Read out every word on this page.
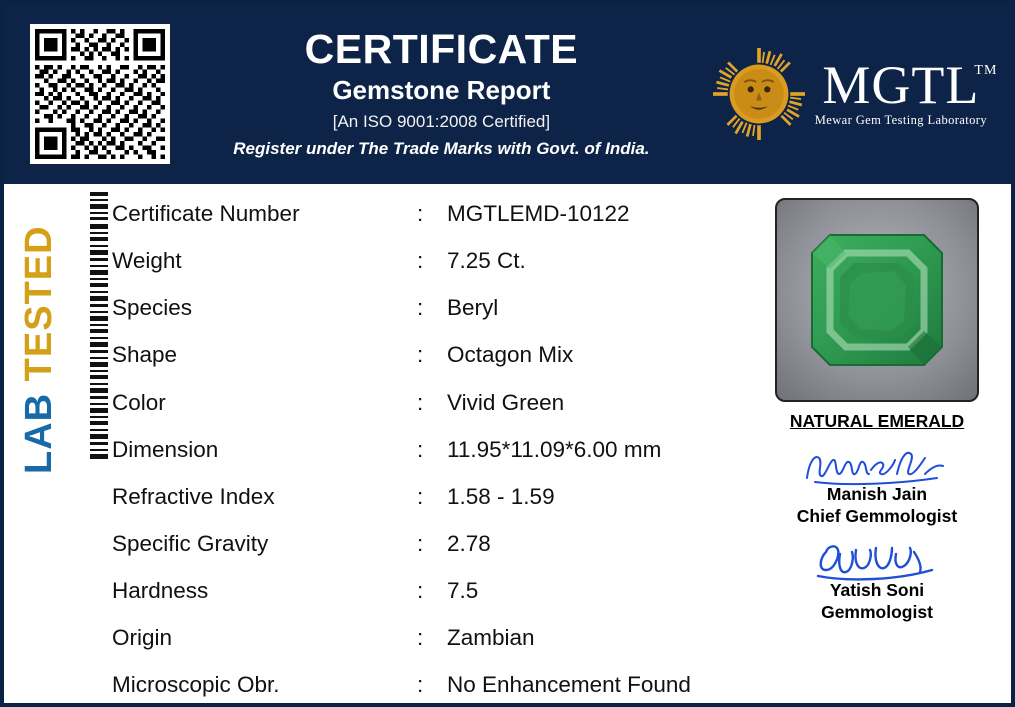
CERTIFICATE
Gemstone Report
[An ISO 9001:2008 Certified]
Register under The Trade Marks with Govt. of India.
MGTL
TM
Mewar Gem Testing Laboratory
LAB TESTED
Certificate Number	:	MGTLEMD-10122
Weight	:	7.25 Ct.
Species	:	Beryl
Shape	:	Octagon Mix
Color	:	Vivid Green
Dimension	:	11.95*11.09*6.00 mm
Refractive Index	:	1.58 - 1.59
Specific Gravity	:	2.78
Hardness	:	7.5
Origin	:	Zambian
Microscopic Obr.	:	No Enhancement Found
NATURAL EMERALD
Manish Jain
Chief Gemmologist
Yatish Soni
Gemmologist
